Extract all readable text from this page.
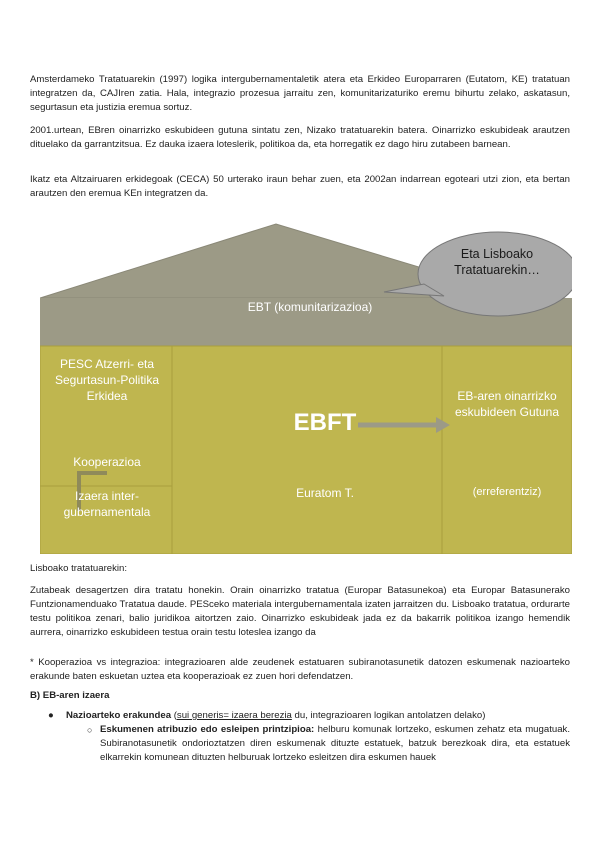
Amsterdameko Tratatuarekin (1997) logika intergubernamentaletik atera eta Erkideo Europarraren (Eutatom, KE) tratatuan integratzen da, CAJIren zatia. Hala, integrazio prozesua jarraitu zen, komunitarizaturiko eremu bihurtu zelako, askatasun, segurtasun eta justizia eremua sortuz.

2001.urtean, EBren oinarrizko eskubideen gutuna sintatu zen, Nizako tratatuarekin batera. Oinarrizko eskubideak arautzen dituelako da garrantzitsua. Ez dauka izaera loteslerik, politikoa da, eta horregatik ez dago hiru zutabeen barnean.

Ikatz eta Altzairuaren erkidegoak (CECA) 50 urterako iraun behar zuen, eta 2002an indarrean egoteari utzi zion, eta bertan arautzen den eremua KEn integratzen da.

Eta Lisboako Tratatuarekin…
EBT (komunitarizazioa)
PESC Atzerri- eta Segurtasun-Politika Erkidea
Kooperazioa
Izaera inter-gubernamentala
EBFT
Euratom T.
EB-aren oinarrizko eskubideen Gutuna
(erreferentziz)

Lisboako tratatuarekin:

Zutabeak desagertzen dira tratatu honekin. Orain oinarrizko tratatua (Europar Batasunekoa) eta Europar Batasunerako Funtzionamenduako Tratatua daude. PESceko materiala intergubernamentala izaten jarraitzen du. Lisboako tratatua, ordurarte testu politikoa zenari, balio juridikoa aitortzen zaio. Oinarrizko eskubideak jada ez da bakarrik politikoa izango hemendik aurrera, oinarrizko eskubideen testua orain testu loteslea izango da

* Kooperazioa vs integrazioa: integrazioaren alde zeudenek estatuaren subiranotasunetik datozen eskumenak nazioarteko erakunde baten eskuetan uztea eta kooperazioak ez zuen hori defendatzen.

B) EB-aren izaera

● Nazioarteko erakundea (sui generis= izaera berezia du, integrazioaren logikan antolatzen delako)
○ Eskumenen atribuzio edo esleipen printzipioa: helburu komunak lortzeko, eskumen zehatz eta mugatuak. Subiranotasunetik ondorioztatzen diren eskumenak dituzte estatuek, batzuk berezkoak dira, eta estatuek elkarrekin komunean dituzten helburuak lortzeko esleitzen dira eskumen hauek
